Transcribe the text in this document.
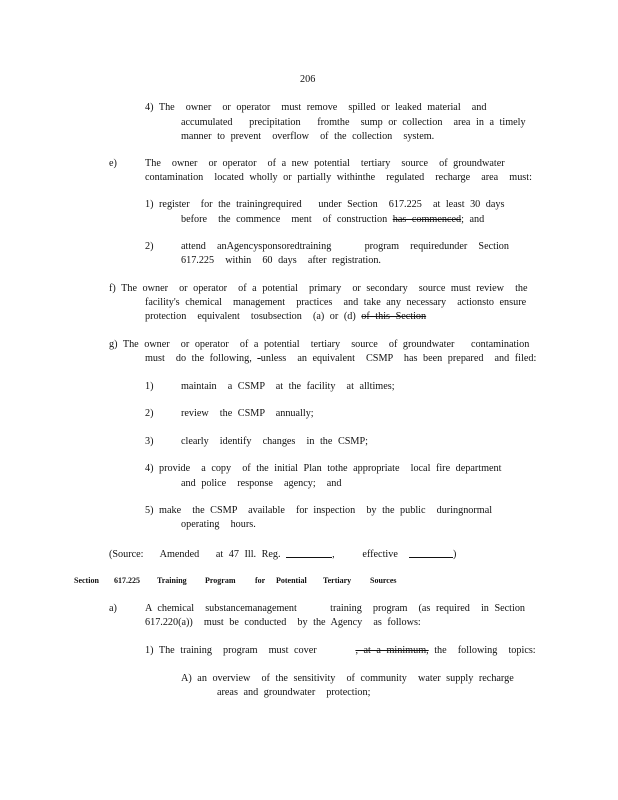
206
4) The  owner  or operator  must remove  spilled or leaked material  and
accumulated   precipitation   fromthe  sump or collection  area in a timely
manner to prevent  overflow  of the collection  system.
e)	The  owner  or operator  of a new potential  tertiary  source  of groundwater
contamination  located wholly or partially withinthe  regulated  recharge  area  must:
1) register  for the trainingrequired   under Section  617.225  at least 30 days
before  the commence  ment  of construction has commenced; and
2)	attend  anAgencysponsoredtraining      program  requiredunder  Section
617.225  within  60 days  after registration.
f) The owner  or operator  of a potential  primary  or secondary  source must review  the
facility's chemical  management  practices  and take any necessary  actionsto ensure
protection  equivalent  tosubsection  (a) or (d) of this Section
g) The owner  or operator  of a potential  tertiary  source  of groundwater   contamination
must  do the following, -unless  an equivalent  CSMP  has been prepared  and filed:
1)	maintain  a CSMP  at the facility  at alltimes;
2)	review  the CSMP  annually;
3)	clearly  identify  changes  in the CSMP;
4) provide  a copy  of the initial Plan tothe appropriate  local fire department
and police  response  agency;  and
5) make  the CSMP  available  for inspection  by the public  duringnormal
operating  hours.
(Source:   Amended   at 47 Ill. Reg.	,     effective	)
Section 617.225 Training Program for Potential Tertiary Sources
a)	A chemical  substancemanagement      training  program  (as required  in Section
617.220(a))  must be conducted  by the Agency  as follows:
1) The training  program  must cover       , at a minimum, the  following  topics:
A) an overview  of the sensitivity  of community  water supply recharge
areas and groundwater  protection;
